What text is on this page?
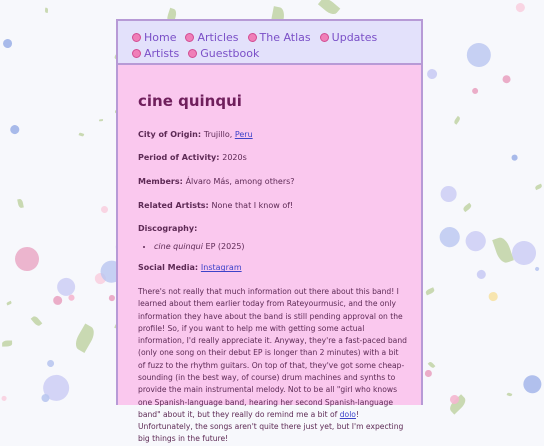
Home Articles The Atlas Updates
Artists Guestbook
cine quinqui
City of Origin: Trujillo, Peru
Period of Activity: 2020s
Members: Álvaro Más, among others?
Related Artists: None that I know of!
Discography:
• cine quinqui EP (2025)
Social Media: Instagram

There's not really that much information out there about this band! I learned about them earlier today from Rateyourmusic, and the only information they have about the band is still pending approval on the profile! So, if you want to help me with getting some actual information, I'd really appreciate it. Anyway, they're a fast-paced band (only one song on their debut EP is longer than 2 minutes) with a bit of fuzz to the rhythm guitars. On top of that, they've got some cheap-sounding (in the best way, of course) drum machines and synths to provide the main instrumental melody. Not to be all "girl who knows one Spanish-language band, hearing her second Spanish-language band" about it, but they really do remind me a bit of dolo! Unfortunately, the songs aren't quite there just yet, but I'm expecting big things in the future!
